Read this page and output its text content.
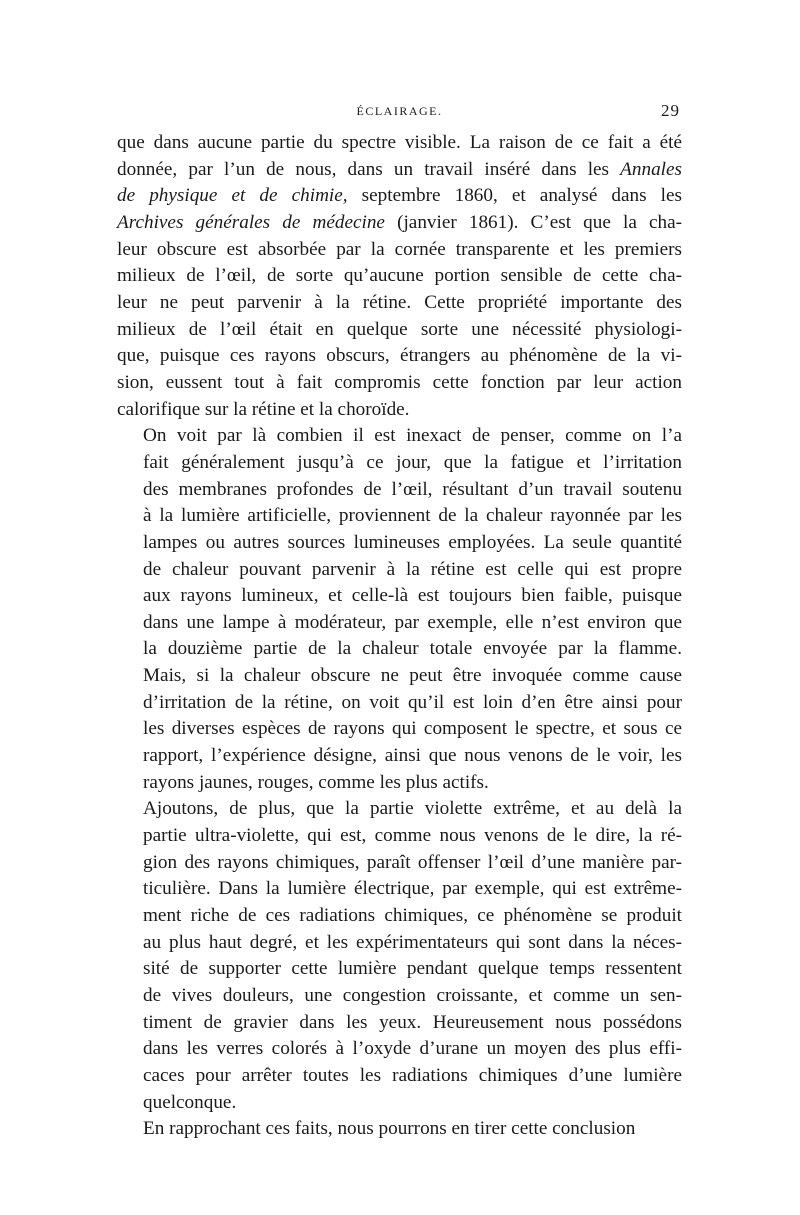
ÉCLAIRAGE.	29
que dans aucune partie du spectre visible. La raison de ce fait a été
donnée, par l’un de nous, dans un travail inséré dans les Annales
de physique et de chimie, septembre 1860, et analysé dans les
Archives générales de médecine (janvier 1861). C’est que la cha-
leur obscure est absorbée par la cornée transparente et les premiers
milieux de l’œil, de sorte qu’aucune portion sensible de cette cha-
leur ne peut parvenir à la rétine. Cette propriété importante des
milieux de l’œil était en quelque sorte une nécessité physiologi-
que, puisque ces rayons obscurs, étrangers au phénomène de la vi-
sion, eussent tout à fait compromis cette fonction par leur action
calorifique sur la rétine et la choroïde.
On voit par là combien il est inexact de penser, comme on l’a
fait généralement jusqu’à ce jour, que la fatigue et l’irritation
des membranes profondes de l’œil, résultant d’un travail soutenu
à la lumière artificielle, proviennent de la chaleur rayonnée par les
lampes ou autres sources lumineuses employées. La seule quantité
de chaleur pouvant parvenir à la rétine est celle qui est propre
aux rayons lumineux, et celle-là est toujours bien faible, puisque
dans une lampe à modérateur, par exemple, elle n’est environ que
la douzième partie de la chaleur totale envoyée par la flamme.
Mais, si la chaleur obscure ne peut être invoquée comme cause
d’irritation de la rétine, on voit qu’il est loin d’en être ainsi pour
les diverses espèces de rayons qui composent le spectre, et sous ce
rapport, l’expérience désigne, ainsi que nous venons de le voir, les
rayons jaunes, rouges, comme les plus actifs.
Ajoutons, de plus, que la partie violette extrême, et au delà la
partie ultra-violette, qui est, comme nous venons de le dire, la ré-
gion des rayons chimiques, paraît offenser l’œil d’une manière par-
ticulière. Dans la lumière électrique, par exemple, qui est extrême-
ment riche de ces radiations chimiques, ce phénomène se produit
au plus haut degré, et les expérimentateurs qui sont dans la néces-
sité de supporter cette lumière pendant quelque temps ressentent
de vives douleurs, une congestion croissante, et comme un sen-
timent de gravier dans les yeux. Heureusement nous possédons
dans les verres colorés à l’oxyde d’urane un moyen des plus effi-
caces pour arrêter toutes les radiations chimiques d’une lumière
quelconque.
En rapprochant ces faits, nous pourrons en tirer cette conclusion
